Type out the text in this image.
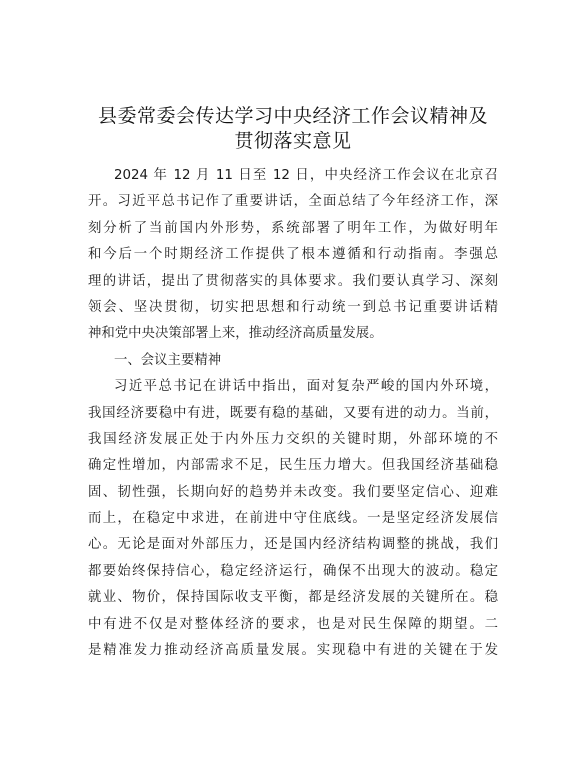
县委常委会传达学习中央经济工作会议精神及
贯彻落实意见
2024 年 12 月 11 日至 12 日，中央经济工作会议在北京召
开。习近平总书记作了重要讲话，全面总结了今年经济工作，深
刻分析了当前国内外形势，系统部署了明年工作，为做好明年
和今后一个时期经济工作提供了根本遵循和行动指南。李强总
理的讲话，提出了贯彻落实的具体要求。我们要认真学习、深刻
领会、坚决贯彻，切实把思想和行动统一到总书记重要讲话精
神和党中央决策部署上来，推动经济高质量发展。
一、会议主要精神
习近平总书记在讲话中指出，面对复杂严峻的国内外环境，
我国经济要稳中有进，既要有稳的基础，又要有进的动力。当前，
我国经济发展正处于内外压力交织的关键时期，外部环境的不
确定性增加，内部需求不足，民生压力增大。但我国经济基础稳
固、韧性强，长期向好的趋势并未改变。我们要坚定信心、迎难
而上，在稳定中求进，在前进中守住底线。一是坚定经济发展信
心。无论是面对外部压力，还是国内经济结构调整的挑战，我们
都要始终保持信心，稳定经济运行，确保不出现大的波动。稳定
就业、物价，保持国际收支平衡，都是经济发展的关键所在。稳
中有进不仅是对整体经济的要求，也是对民生保障的期望。二
是精准发力推动经济高质量发展。实现稳中有进的关键在于发
